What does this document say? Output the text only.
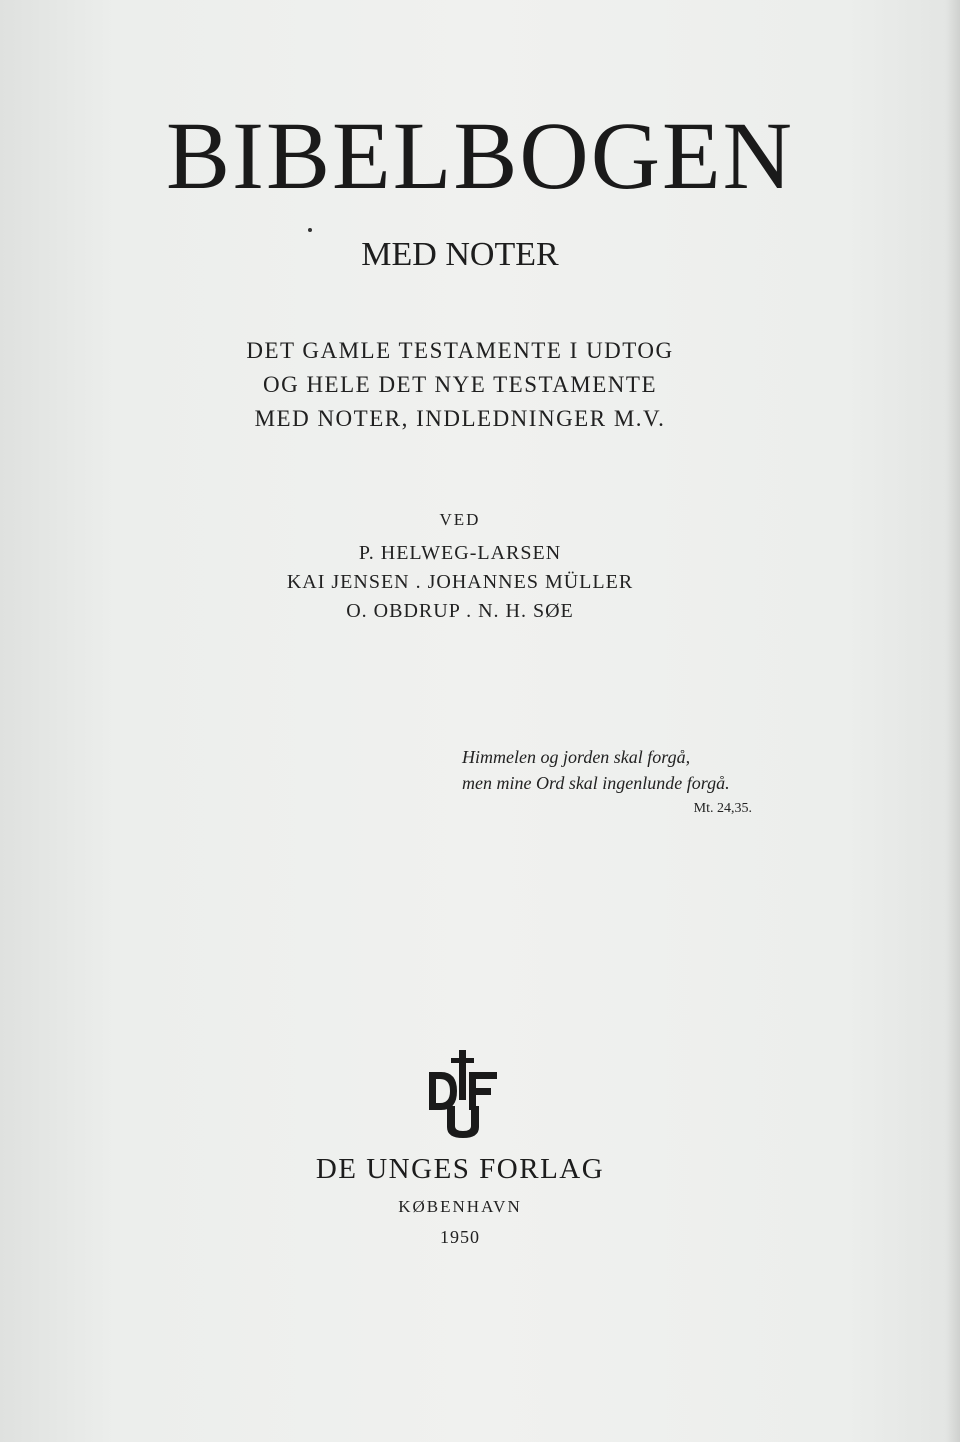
BIBELBOGEN
MED NOTER
DET GAMLE TESTAMENTE I UDTOG
OG HELE DET NYE TESTAMENTE
MED NOTER, INDLEDNINGER M.V.
VED
P. HELWEG-LARSEN
KAI JENSEN . JOHANNES MÜLLER
O. OBDRUP . N. H. SØE
Himmelen og jorden skal forgå,
men mine Ord skal ingenlunde forgå.
Mt. 24,35.
DE UNGES FORLAG
KØBENHAVN
1950
